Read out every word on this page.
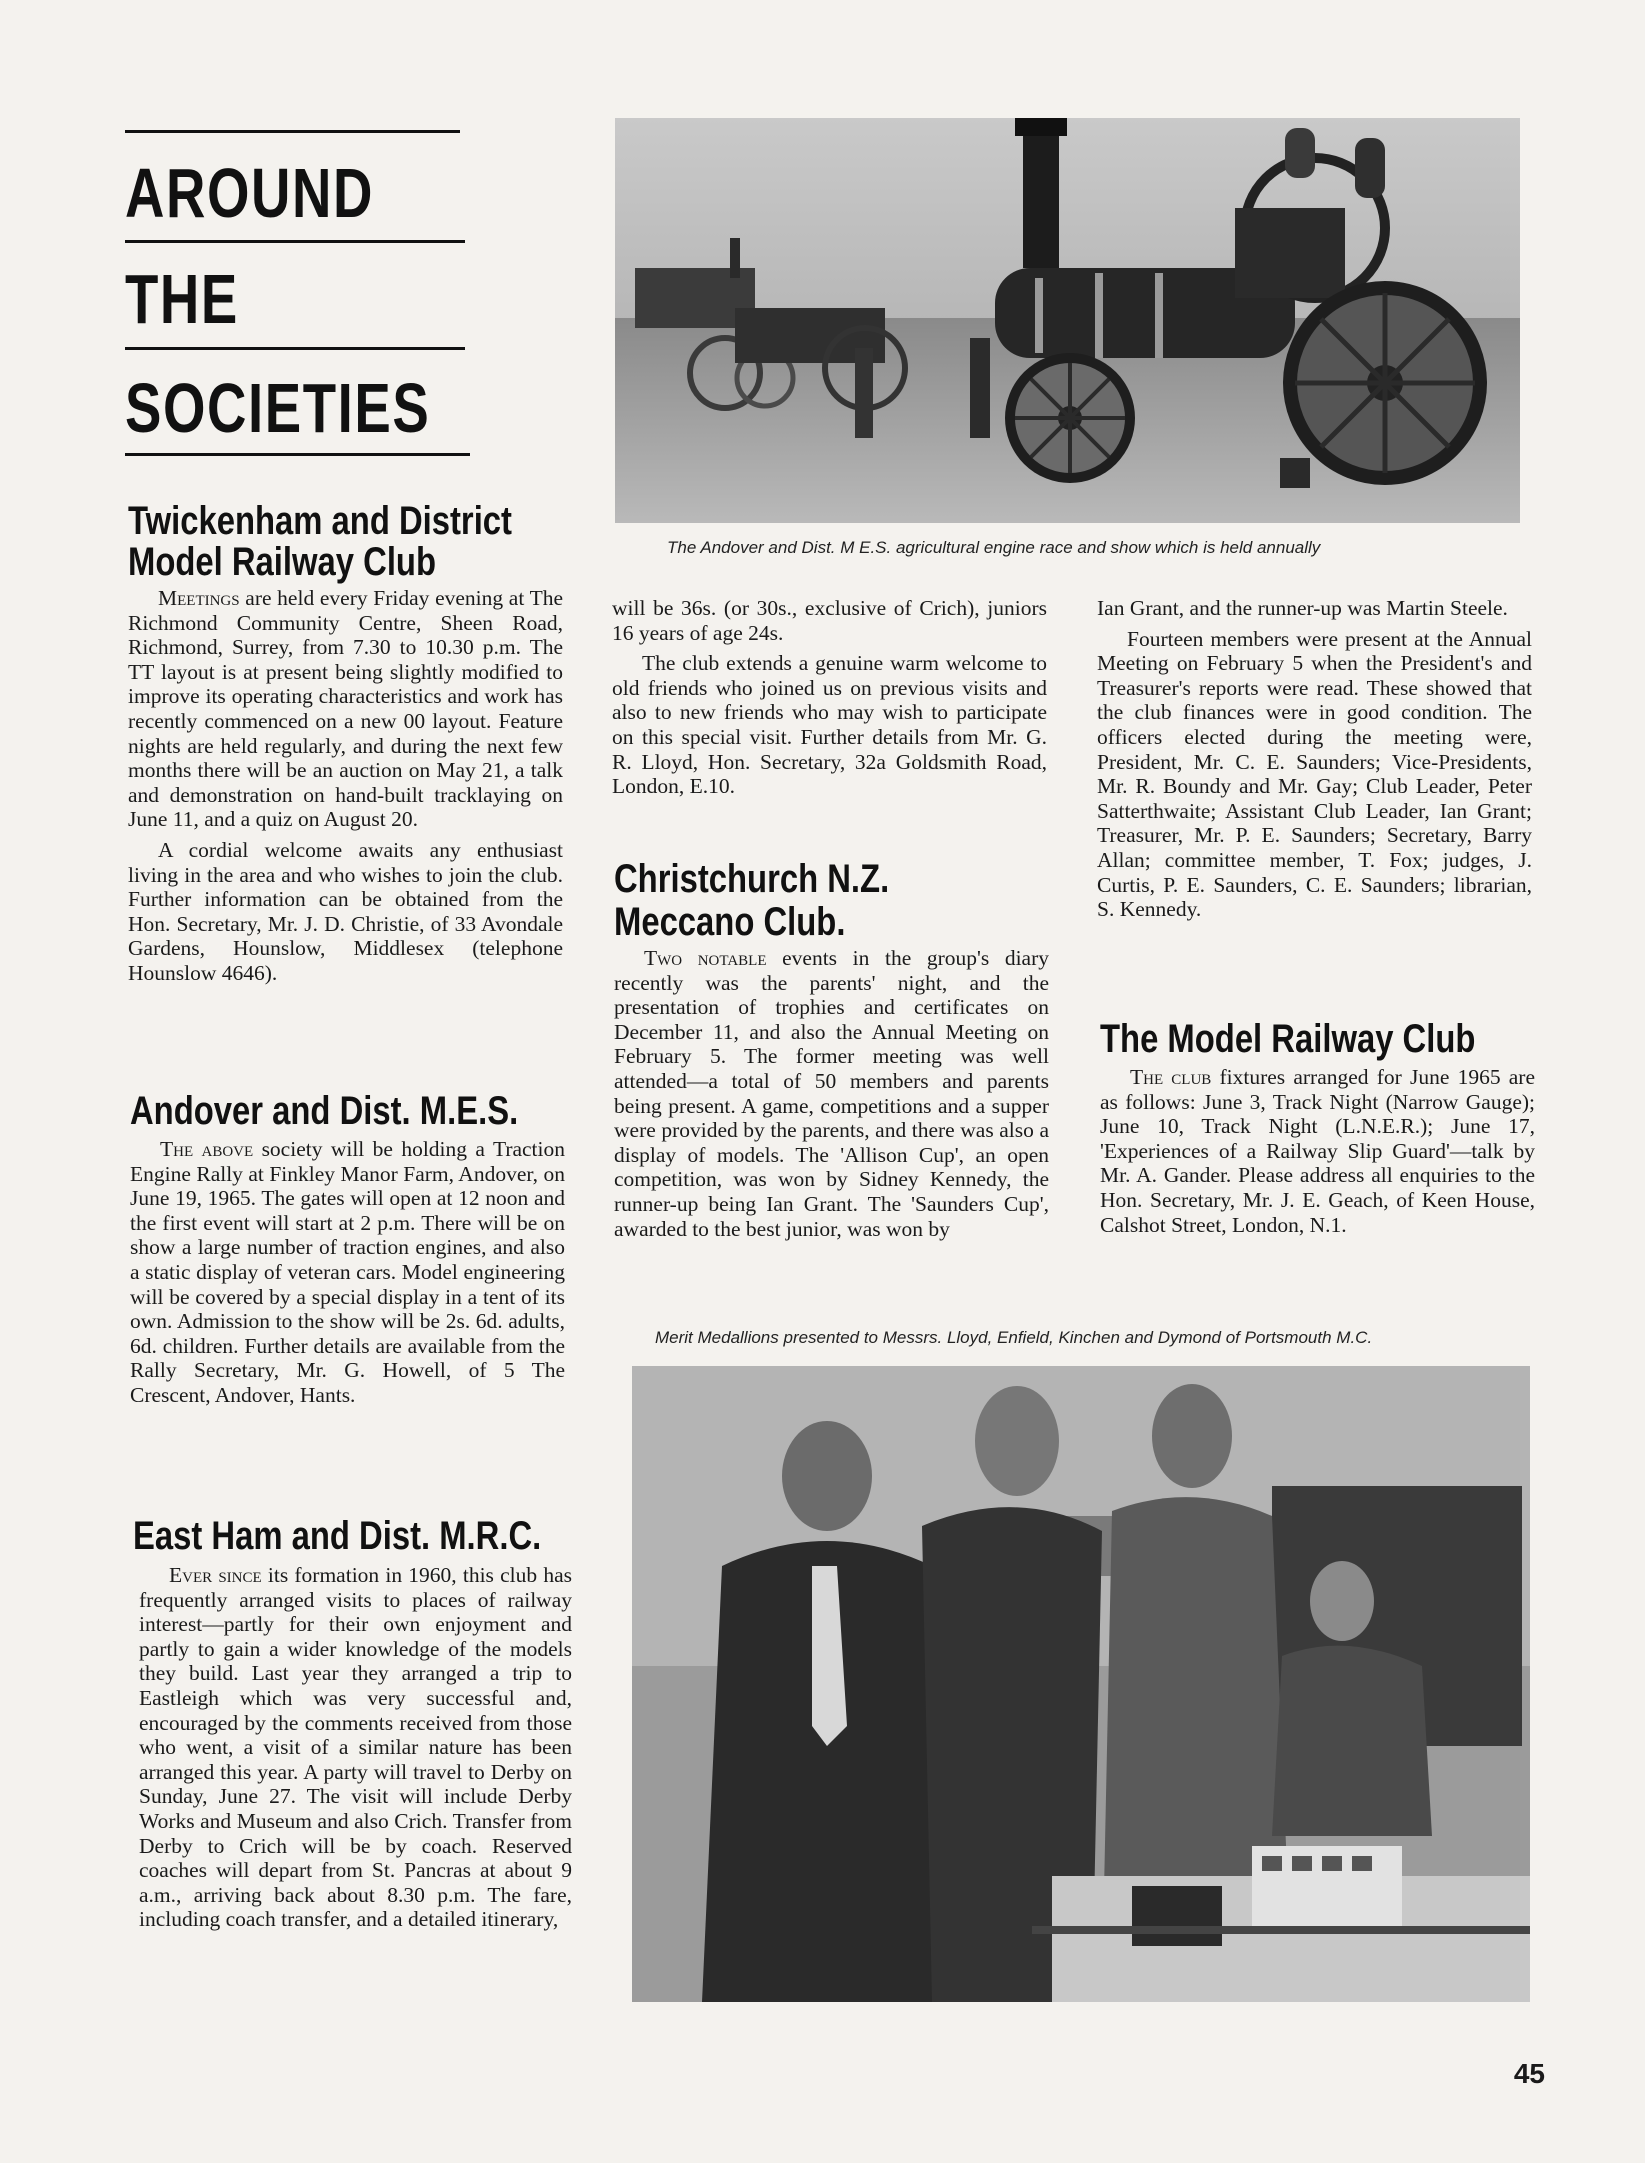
AROUND
THE
SOCIETIES
The Andover and Dist. M E.S. agricultural engine race and show which is held annually
Twickenham and District
Model Railway Club

Meetings are held every Friday evening at The Richmond Community Centre, Sheen Road, Richmond, Surrey, from 7.30 to 10.30 p.m. The TT layout is at present being slightly modified to improve its operating characteristics and work has recently commenced on a new 00 layout. Feature nights are held regularly, and during the next few months there will be an auction on May 21, a talk and demonstration on hand-built tracklaying on June 11, and a quiz on August 20.

A cordial welcome awaits any enthusiast living in the area and who wishes to join the club. Further information can be obtained from the Hon. Secretary, Mr. J. D. Christie, of 33 Avondale Gardens, Hounslow, Middlesex (telephone Hounslow 4646).

Andover and Dist. M.E.S.

The above society will be holding a Traction Engine Rally at Finkley Manor Farm, Andover, on June 19, 1965. The gates will open at 12 noon and the first event will start at 2 p.m. There will be on show a large number of traction engines, and also a static display of veteran cars. Model engineering will be covered by a special display in a tent of its own. Admission to the show will be 2s. 6d. adults, 6d. children. Further details are available from the Rally Secretary, Mr. G. Howell, of 5 The Crescent, Andover, Hants.

East Ham and Dist. M.R.C.

Ever since its formation in 1960, this club has frequently arranged visits to places of railway interest—partly for their own enjoyment and partly to gain a wider knowledge of the models they build. Last year they arranged a trip to Eastleigh which was very successful and, encouraged by the comments received from those who went, a visit of a similar nature has been arranged this year. A party will travel to Derby on Sunday, June 27. The visit will include Derby Works and Museum and also Crich. Transfer from Derby to Crich will be by coach. Reserved coaches will depart from St. Pancras at about 9 a.m., arriving back about 8.30 p.m. The fare, including coach transfer, and a detailed itinerary,

will be 36s. (or 30s., exclusive of Crich), juniors 16 years of age 24s.

The club extends a genuine warm welcome to old friends who joined us on previous visits and also to new friends who may wish to participate on this special visit. Further details from Mr. G. R. Lloyd, Hon. Secretary, 32a Goldsmith Road, London, E.10.

Christchurch N.Z.
Meccano Club.

Two notable events in the group's diary recently was the parents' night, and the presentation of trophies and certificates on December 11, and also the Annual Meeting on February 5. The former meeting was well attended—a total of 50 members and parents being present. A game, competitions and a supper were provided by the parents, and there was also a display of models. The 'Allison Cup', an open competition, was won by Sidney Kennedy, the runner-up being Ian Grant. The 'Saunders Cup', awarded to the best junior, was won by

Ian Grant, and the runner-up was Martin Steele.

Fourteen members were present at the Annual Meeting on February 5 when the President's and Treasurer's reports were read. These showed that the club finances were in good condition. The officers elected during the meeting were, President, Mr. C. E. Saunders; Vice-Presidents, Mr. R. Boundy and Mr. Gay; Club Leader, Peter Satterthwaite; Assistant Club Leader, Ian Grant; Treasurer, Mr. P. E. Saunders; Secretary, Barry Allan; committee member, T. Fox; judges, J. Curtis, P. E. Saunders, C. E. Saunders; librarian, S. Kennedy.

The Model Railway Club

The club fixtures arranged for June 1965 are as follows: June 3, Track Night (Narrow Gauge); June 10, Track Night (L.N.E.R.); June 17, 'Experiences of a Railway Slip Guard'—talk by Mr. A. Gander. Please address all enquiries to the Hon. Secretary, Mr. J. E. Geach, of Keen House, Calshot Street, London, N.1.

Merit Medallions presented to Messrs. Lloyd, Enfield, Kinchen and Dymond of Portsmouth M.C.
45
